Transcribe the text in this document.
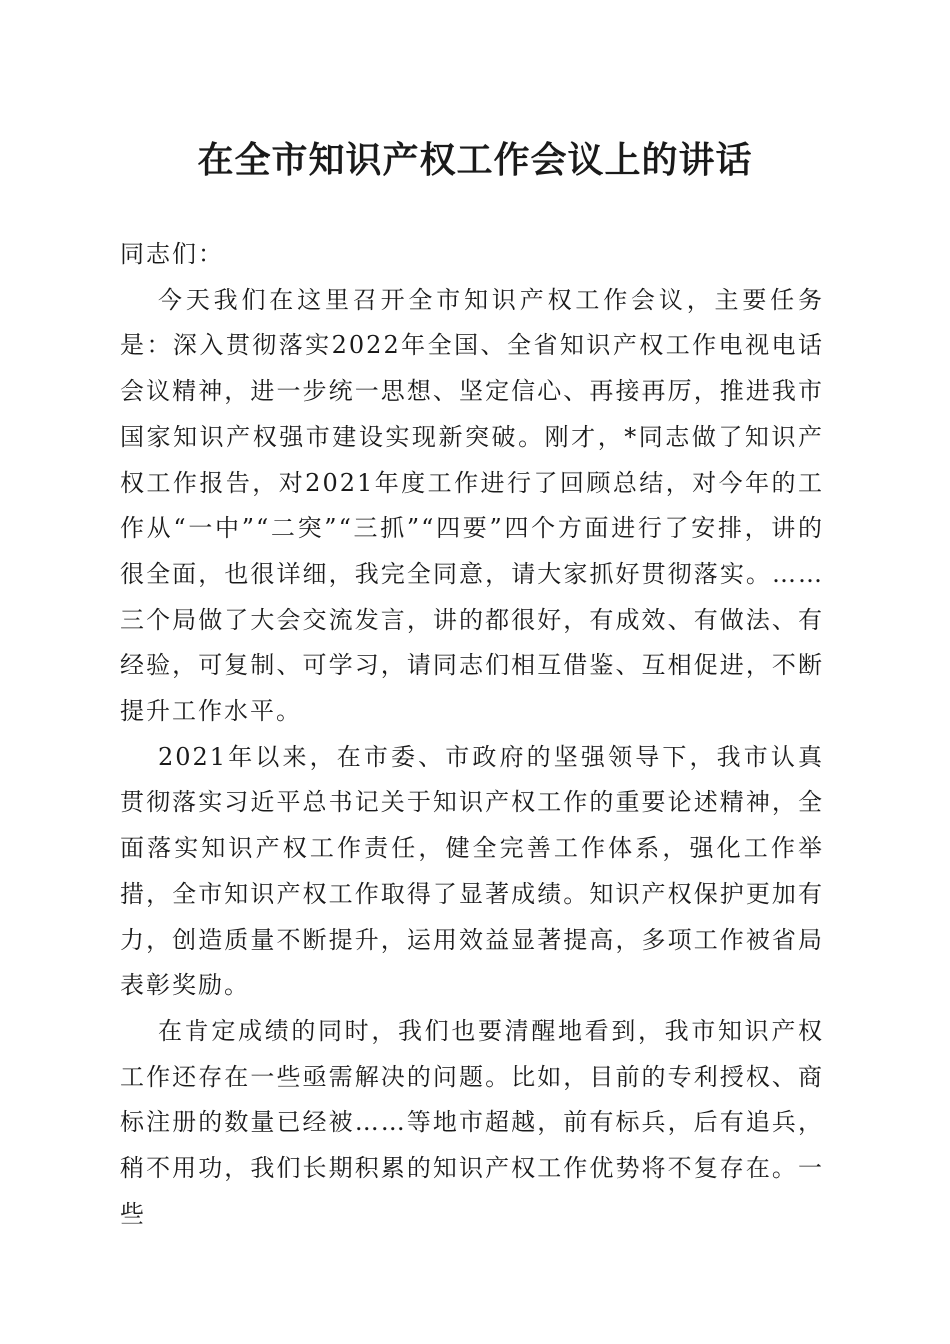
在全市知识产权工作会议上的讲话

同志们：

今天我们在这里召开全市知识产权工作会议，主要任务是：深入贯彻落实2022年全国、全省知识产权工作电视电话会议精神，进一步统一思想、坚定信心、再接再厉，推进我市国家知识产权强市建设实现新突破。刚才，*同志做了知识产权工作报告，对2021年度工作进行了回顾总结，对今年的工作从“一中”“二突”“三抓”“四要”四个方面进行了安排，讲的很全面，也很详细，我完全同意，请大家抓好贯彻落实。……三个局做了大会交流发言，讲的都很好，有成效、有做法、有经验，可复制、可学习，请同志们相互借鉴、互相促进，不断提升工作水平。

2021年以来，在市委、市政府的坚强领导下，我市认真贯彻落实习近平总书记关于知识产权工作的重要论述精神，全面落实知识产权工作责任，健全完善工作体系，强化工作举措，全市知识产权工作取得了显著成绩。知识产权保护更加有力，创造质量不断提升，运用效益显著提高，多项工作被省局表彰奖励。

在肯定成绩的同时，我们也要清醒地看到，我市知识产权工作还存在一些亟需解决的问题。比如，目前的专利授权、商标注册的数量已经被……等地市超越，前有标兵，后有追兵，稍不用功，我们长期积累的知识产权工作优势将不复存在。一些
